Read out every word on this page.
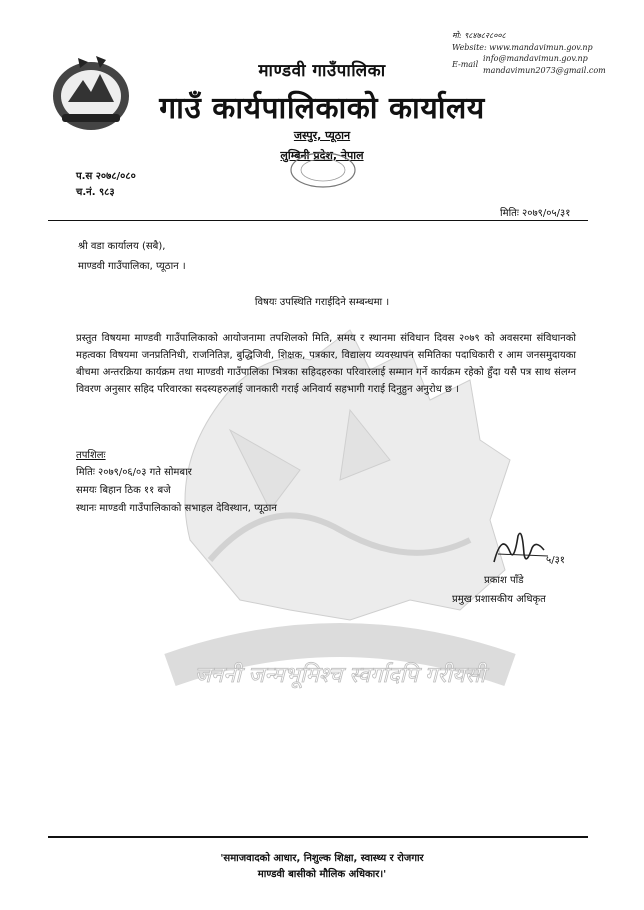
जननी जन्मभूमिश्च स्वर्गादपि गरीयसी
मो: ९८४७८२८००८
Website: www.mandavimun.gov.np
E-mail
info@mandavimun.gov.np
mandavimun2073@gmail.com
माण्डवी गाउँपालिका
गाउँ कार्यपालिकाको कार्यालय
जस्पुर, प्यूठान
लुम्बिनी प्रदेश, नेपाल
प.स २०७८/०८०
च.नं. ९८३
मितिः २०७९/०५/३१
श्री वडा कार्यालय (सबै),
माण्डवी गाउँपालिका, प्यूठान ।
विषयः उपस्थिति गराईदिने सम्बन्धमा ।
प्रस्तुत विषयमा माण्डवी गाउँपालिकाको आयोजनामा तपशिलको मिति, समय र स्थानमा संविधान दिवस २०७९ को अवसरमा संविधानको महत्वका विषयमा जनप्रतिनिधी, राजनितिज्ञ, बुद्धिजिवी, शिक्षक, पत्रकार, विद्यालय व्यवस्थापन समितिका पदाधिकारी र आम जनसमुदायका बीचमा अन्तरक्रिया कार्यक्रम तथा माण्डवी गाउँपालिका भित्रका सहिदहरुका परिवारलाई सम्मान गर्ने कार्यक्रम रहेको हुँदा यसै पत्र साथ संलग्न विवरण अनुसार सहिद परिवारका सदस्यहरुलाई जानकारी गराई अनिवार्य सहभागी गराई दिनुहुन अनुरोध छ ।
तपशिलः
मितिः २०७९/०६/०३ गते सोमबार
समयः बिहान ठिक ११ बजे
स्थानः माण्डवी गाउँपालिकाको सभाहल देविस्थान, प्यूठान
५/३१
प्रकाश पाँडे
प्रमुख प्रशासकीय अधिकृत
'समाजवादको आधार, निशुल्क शिक्षा, स्वास्थ्य र रोजगार
माण्डवी बासीको मौलिक अधिकार।'
